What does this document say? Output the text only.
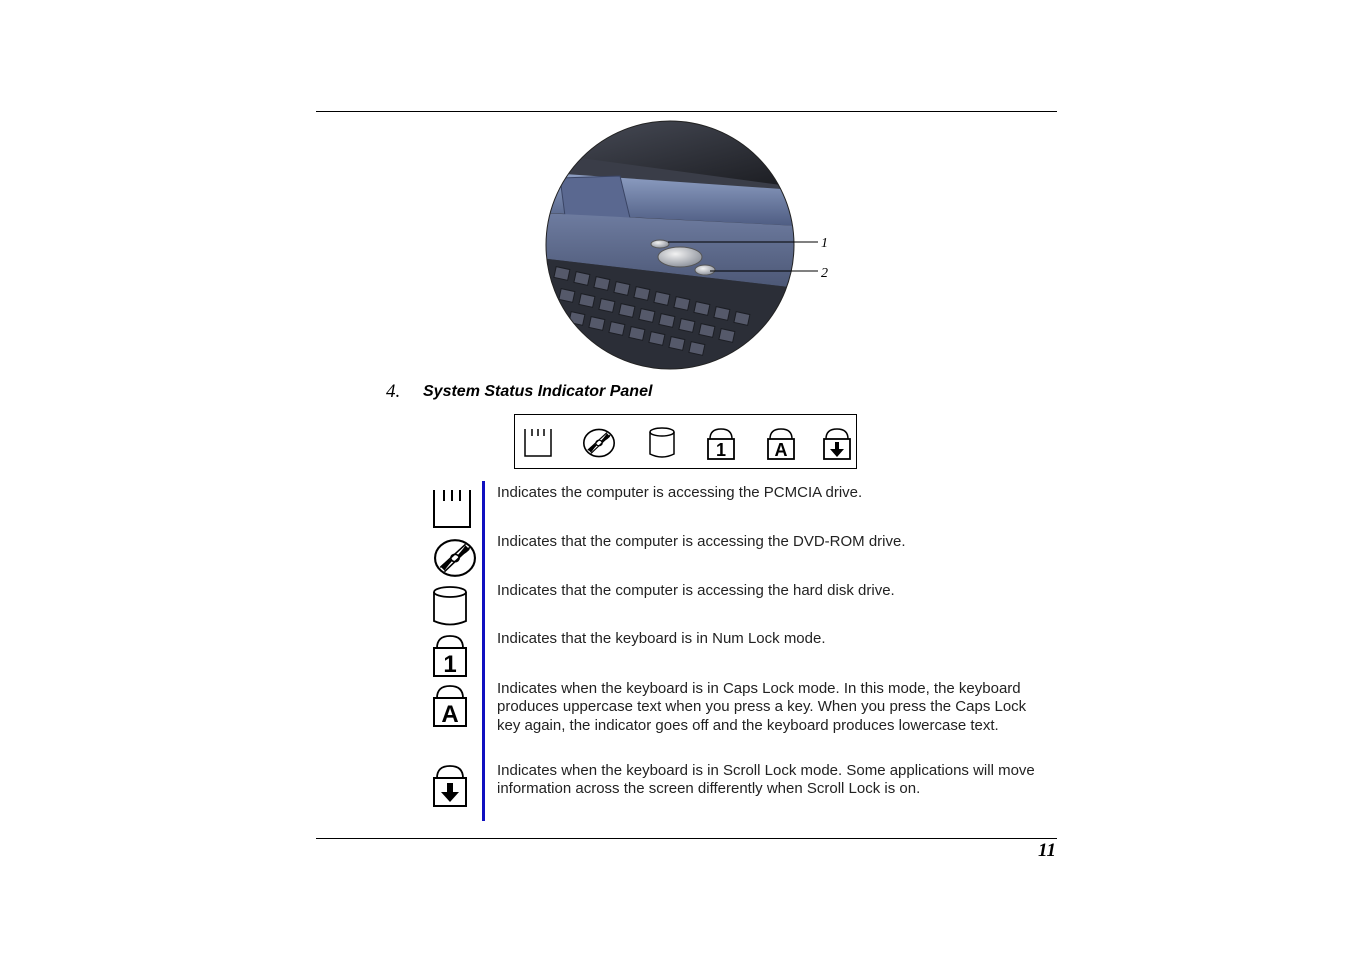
1
2
4. System Status Indicator Panel
1	A

Indicates the computer is accessing the PCMCIA drive.

Indicates that the computer is accessing the DVD-ROM drive.

Indicates that the computer is accessing the hard disk drive.

1

Indicates that the keyboard is in Num Lock mode.

A

Indicates when the keyboard is in Caps Lock mode. In this mode, the keyboard produces uppercase text when you press a key. When you press the Caps Lock key again, the indicator goes off and the keyboard produces lowercase text.

Indicates when the keyboard is in Scroll Lock mode. Some applications will move information across the screen differently when Scroll Lock is on.

11
